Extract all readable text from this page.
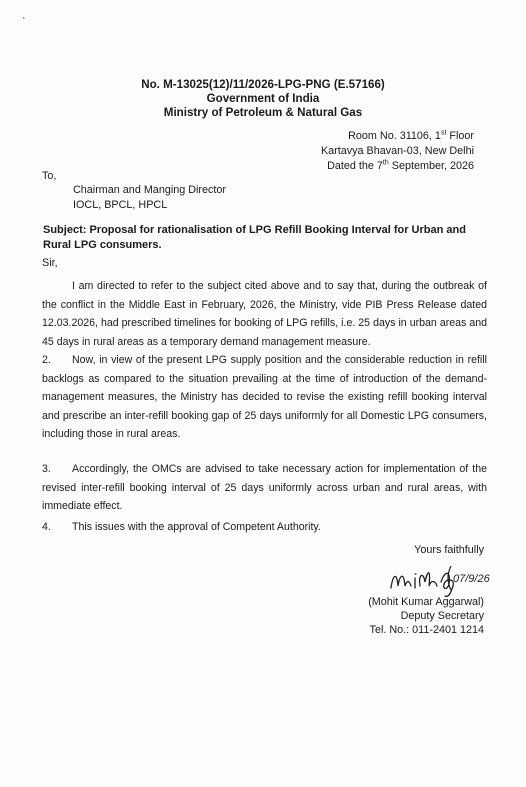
·
No. M-13025(12)/11/2026-LPG-PNG (E.57166)
Government of India
Ministry of Petroleum & Natural Gas
Room No. 31106, 1st Floor
Kartavya Bhavan-03, New Delhi
Dated the 7th September, 2026
To,
Chairman and Manging Director
IOCL, BPCL, HPCL
Subject: Proposal for rationalisation of LPG Refill Booking Interval for Urban and Rural LPG consumers.
Sir,
I am directed to refer to the subject cited above and to say that, during the outbreak of the conflict in the Middle East in February, 2026, the Ministry, vide PIB Press Release dated 12.03.2026, had prescribed timelines for booking of LPG refills, i.e. 25 days in urban areas and 45 days in rural areas as a temporary demand management measure.
2. Now, in view of the present LPG supply position and the considerable reduction in refill backlogs as compared to the situation prevailing at the time of introduction of the demand-management measures, the Ministry has decided to revise the existing refill booking interval and prescribe an inter-refill booking gap of 25 days uniformly for all Domestic LPG consumers, including those in rural areas.
3. Accordingly, the OMCs are advised to take necessary action for implementation of the revised inter-refill booking interval of 25 days uniformly across urban and rural areas, with immediate effect.
4. This issues with the approval of Competent Authority.
Yours faithfully
07/9/26
(Mohit Kumar Aggarwal)
Deputy Secretary
Tel. No.: 011-2401 1214
